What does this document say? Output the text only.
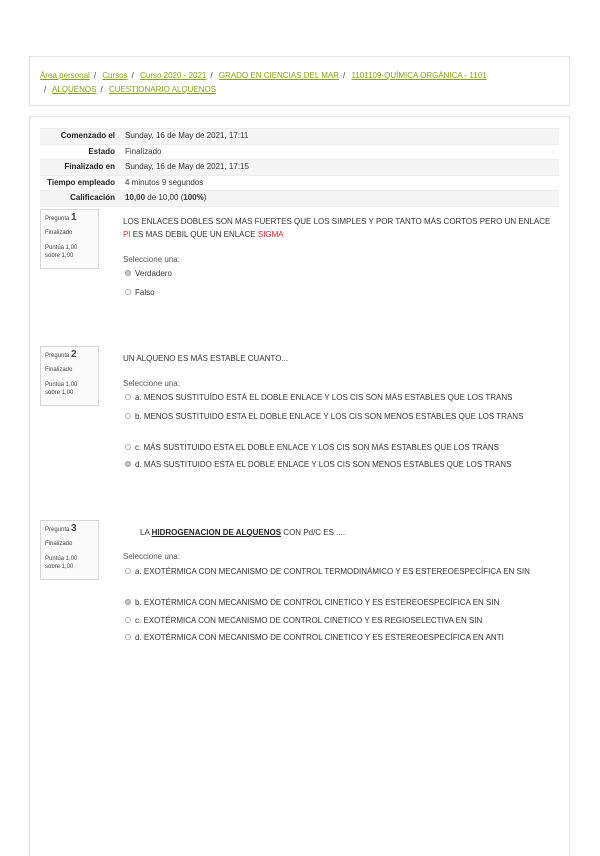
Área personal / Cursos / Curso 2020 - 2021 / GRADO EN CIENCIAS DEL MAR / 1101109-QUÍMICA ORGÁNICA - 1101
/ ALQUENOS / CUESTIONARIO ALQUENOS
Comenzado el	Sunday, 16 de May de 2021, 17:11
Estado	Finalizado
Finalizado en	Sunday, 16 de May de 2021, 17:15
Tiempo empleado	4 minutos 9 segundos
Calificación	10,00 de 10,00 (100%)
Pregunta 1
Finalizado
Puntúa 1,00
sobre 1,00
LOS ENLACES DOBLES SON MAS FUERTES QUE LOS SIMPLES Y POR TANTO MÁS CORTOS PERO UN ENLACE PI ES MAS DEBIL QUE UN ENLACE SIGMA
Seleccione una:
Verdadero
Falso
Pregunta 2
Finalizado
Puntúa 1,00
sobre 1,00
UN ALQUENO ES MÁS ESTABLE CUANTO...
Seleccione una:
a. MENOS SUSTITUÍDO ESTÁ EL DOBLE ENLACE Y LOS CIS SON MÁS ESTABLES QUE LOS TRANS
b. MENOS SUSTITUIDO ESTA EL DOBLE ENLACE Y LOS CIS SON MENOS ESTABLES QUE LOS TRANS
c. MÁS SUSTITUIDO ESTA EL DOBLE ENLACE Y LOS CIS SON MÁS ESTABLES QUE LOS TRANS
d. MÁS SUSTITUIDO ESTA EL DOBLE ENLACE Y LOS CIS SON MENOS ESTABLES QUE LOS TRANS
Pregunta 3
Finalizado
Puntúa 1,00
sobre 1,00
LA HIDROGENACION DE ALQUENOS CON Pd/C ES ....
Seleccione una:
a. EXOTÉRMICA CON MECANISMO DE CONTROL TERMODINÁMICO Y ES ESTEREOESPECÍFICA EN SIN
b. EXOTÉRMICA CON MECANISMO DE CONTROL CINETICO Y ES ESTEREOESPECÍFICA EN SIN
c. EXOTÉRMICA CON MECANISMO DE CONTROL CINETICO Y ES REGIOSELECTIVA EN SIN
d. EXOTÉRMICA CON MECANISMO DE CONTROL CINETICO Y ES ESTEREOESPECÍFICA EN ANTI
